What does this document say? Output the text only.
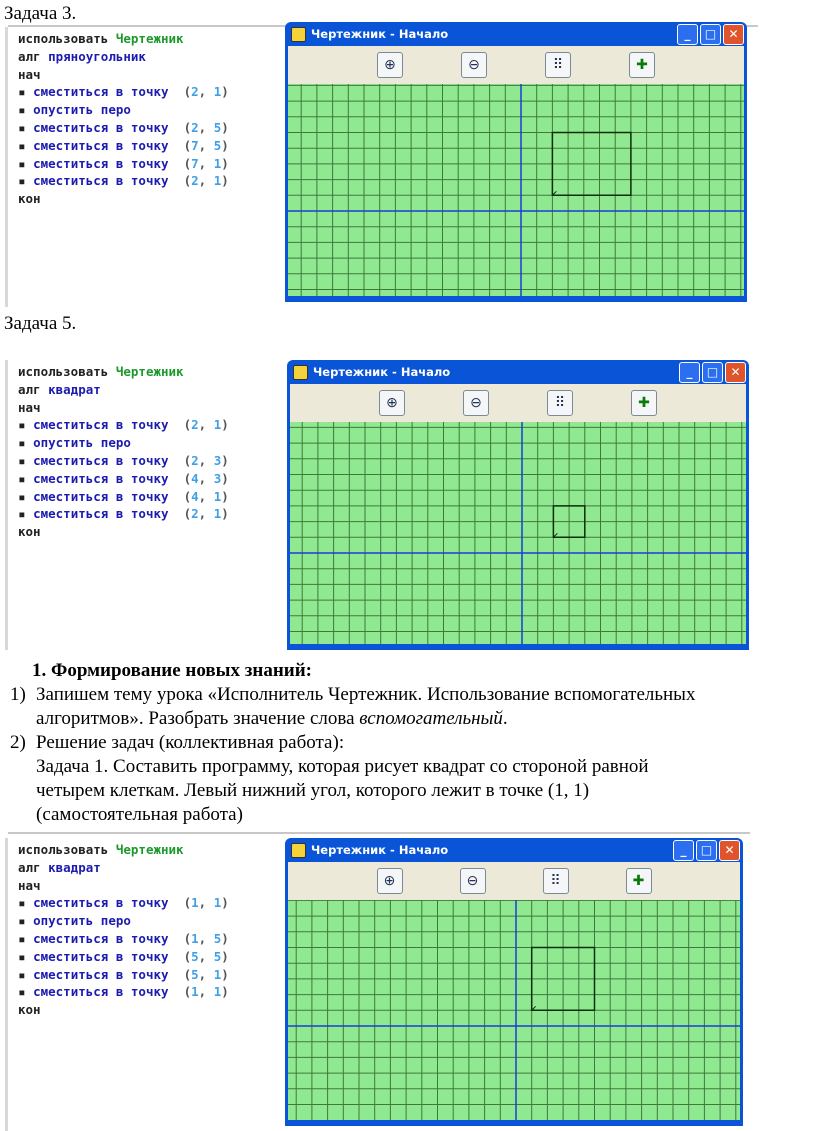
Задача 3.
Задача 5.
1. Формирование новых знаний:
1) Запишем тему урока «Исполнитель Чертежник. Использование вспомогательных
алгоритмов». Разобрать значение слова вспомогательный.
2) Решение задач (коллективная работа):
Задача 1. Составить программу, которая рисует квадрат со стороной равной
четырем клеткам. Левый нижний угол, которого лежит в точке (1, 1)
(самостоятельная работа)
использовать Чертежник
алг пряноугольник
нач
▪ сместиться в точку  (2, 1)
▪ опустить перо
▪ сместиться в точку  (2, 5)
▪ сместиться в точку  (7, 5)
▪ сместиться в точку  (7, 1)
▪ сместиться в точку  (2, 1)
кон
Чертежник - Начало	_	□	✕
⊕	⊖	⠿	✚
использовать Чертежник
алг квадрат
нач
▪ сместиться в точку  (2, 1)
▪ опустить перо
▪ сместиться в точку  (2, 3)
▪ сместиться в точку  (4, 3)
▪ сместиться в точку  (4, 1)
▪ сместиться в точку  (2, 1)
кон
Чертежник - Начало	_	□	✕
⊕	⊖	⠿	✚
использовать Чертежник
алг квадрат
нач
▪ сместиться в точку  (1, 1)
▪ опустить перо
▪ сместиться в точку  (1, 5)
▪ сместиться в точку  (5, 5)
▪ сместиться в точку  (5, 1)
▪ сместиться в точку  (1, 1)
кон
Чертежник - Начало	_	□	✕
⊕	⊖	⠿	✚
